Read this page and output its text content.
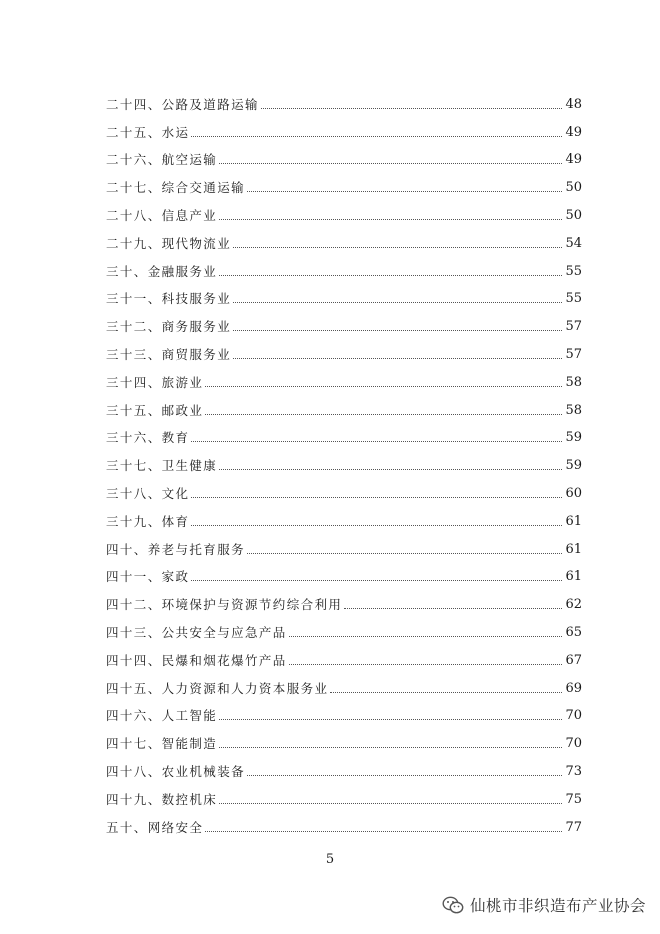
二十四、公路及道路运输	48
二十五、水运	49
二十六、航空运输	49
二十七、综合交通运输	50
二十八、信息产业	50
二十九、现代物流业	54
三十、金融服务业	55
三十一、科技服务业	55
三十二、商务服务业	57
三十三、商贸服务业	57
三十四、旅游业	58
三十五、邮政业	58
三十六、教育	59
三十七、卫生健康	59
三十八、文化	60
三十九、体育	61
四十、养老与托育服务	61
四十一、家政	61
四十二、环境保护与资源节约综合利用	62
四十三、公共安全与应急产品	65
四十四、民爆和烟花爆竹产品	67
四十五、人力资源和人力资本服务业	69
四十六、人工智能	70
四十七、智能制造	70
四十八、农业机械装备	73
四十九、数控机床	75
五十、网络安全	77
5
仙桃市非织造布产业协会
